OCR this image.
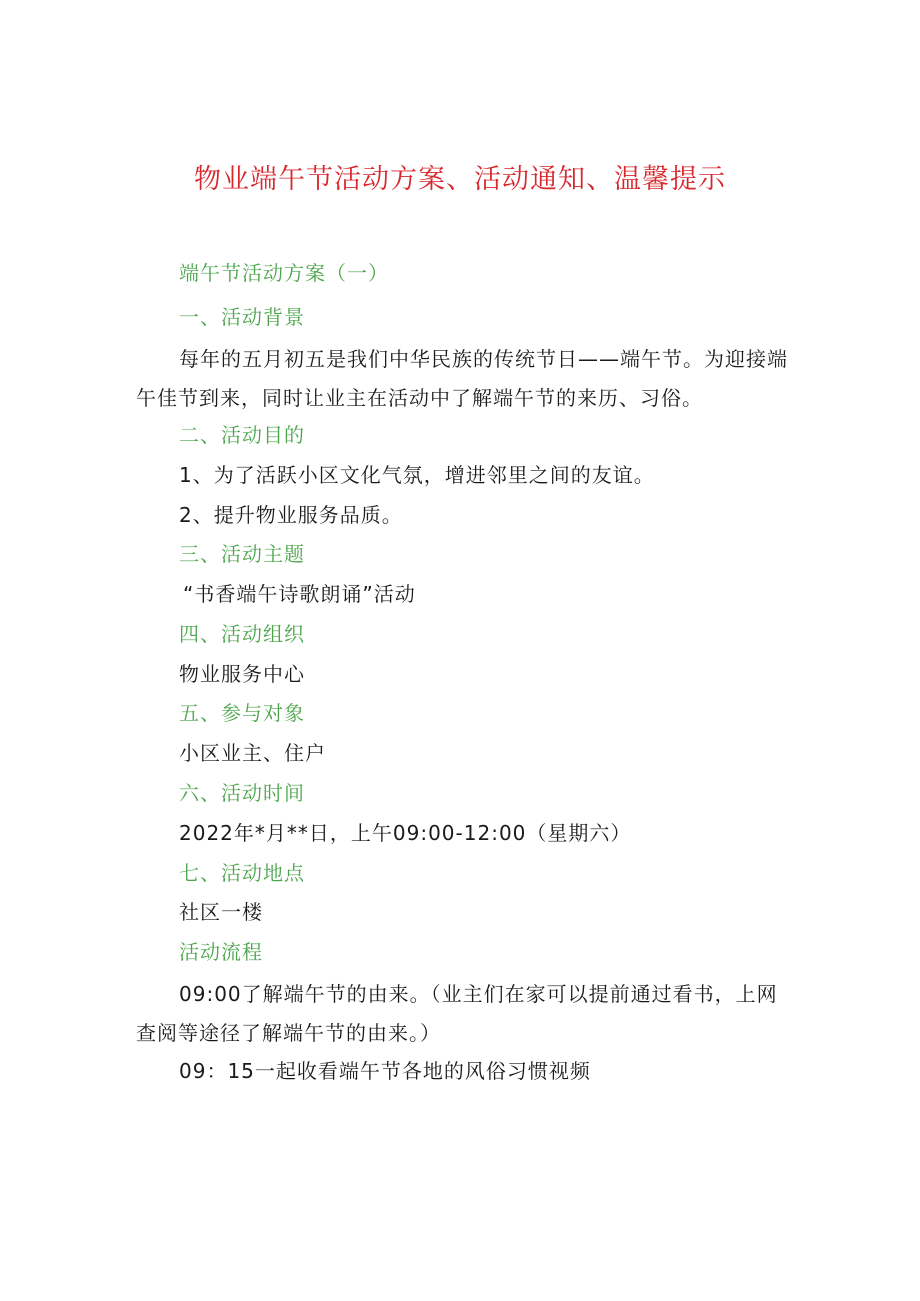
物业端午节活动方案、活动通知、温馨提示
端午节活动方案（一）
一、活动背景
每年的五月初五是我们中华民族的传统节日——端午节。为迎接端午佳节到来，同时让业主在活动中了解端午节的来历、习俗。
二、活动目的
1、为了活跃小区文化气氛，增进邻里之间的友谊。
2、提升物业服务品质。
三、活动主题
“书香端午诗歌朗诵”活动
四、活动组织
物业服务中心
五、参与对象
小区业主、住户
六、活动时间
2022年*月**日，上午09:00-12:00（星期六）
七、活动地点
社区一楼
活动流程
09:00了解端午节的由来。（业主们在家可以提前通过看书，上网查阅等途径了解端午节的由来。）
09：15一起收看端午节各地的风俗习惯视频
